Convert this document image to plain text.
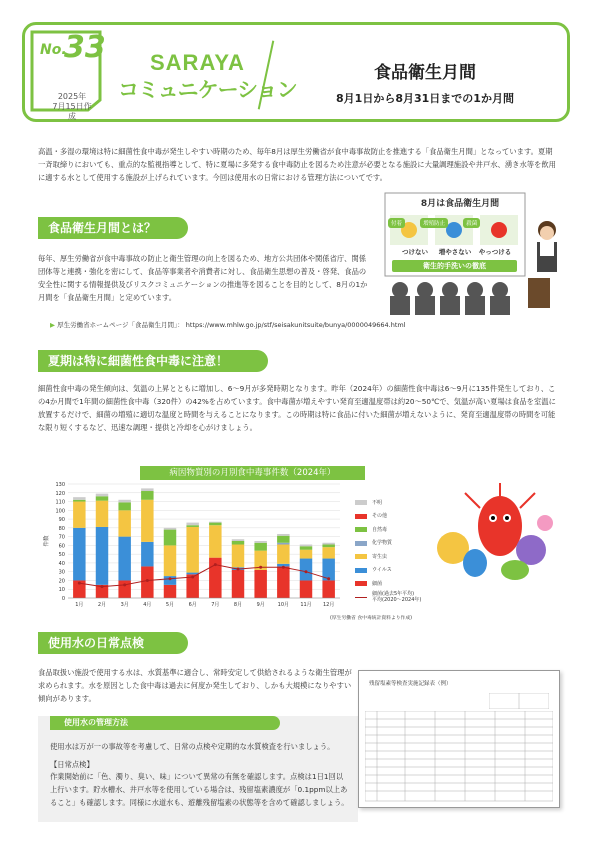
No.
33
2025年
7月15日作成
SARAYA
コミュニケーション
食品衛生月間
8月1日から8月31日までの1か月間
高温・多湿の環境は特に細菌性食中毒が発生しやすい時期のため、毎年8月は厚生労働省が食中毒事故防止を推進する「食品衛生月間」となっています。夏期一斉取締りにおいても、重点的な監視指導として、特に夏場に多発する食中毒防止を図るため注意が必要となる施設に大量調理施設や井戸水、湧き水等を飲用に適する水として使用する施設が上げられています。今回は使用水の日常における管理方法についてです。
食品衛生月間とは？
毎年、厚生労働省が食中毒事故の防止と衛生管理の向上を図るため、地方公共団体や関係省庁、関係団体等と連携・強化を密にして、食品等事業者や消費者に対し、食品衛生思想の普及・啓発、食品の安全性に関する情報提供及びリスクコミュニケーションの推進等を図ることを目的として、8月の1か月間を「食品衛生月間」と定めています。
▶ 厚生労働省ホームページ「食品衛生月間」： https://www.mhlw.go.jp/stf/seisakunitsuite/bunya/0000049664.html
8月は食品衛生月間
付着	増殖防止	殺菌
つけない 増やさない やっつける
衛生的手洗いの徹底
夏期は特に細菌性食中毒に注意！
細菌性食中毒の発生傾向は、気温の上昇とともに増加し、6～9月が多発時期となります。昨年（2024年）の細菌性食中毒は6～9月に135件発生しており、この4か月間で1年間の細菌性食中毒（320件）の42%を占めています。食中毒菌が増えやすい発育至適温度帯は約20～50℃で、気温が高い夏場は食品を室温に放置するだけで、細菌の増殖に適切な温度と時間を与えることになります。この時期は特に食品に付いた細菌が増えないように、発育至適温度帯の時間を可能な限り短くするなど、迅速な調理・提供と冷却を心がけましょう。
病因物質別の月別食中毒事件数（2024年）
0
10
20
30
40
50
60
70
80
90
100
110
120
130
件数
1月	2月	3月	4月	5月	6月	7月	8月	9月	10月 11月 12月
不明
その他
自然毒
化学物質
寄生虫
ウイルス
細菌
細菌(過去5年平均)
平均(2020～2024年)
(厚生労働省 食中毒統計資料より作成)
使用水の日常点検
食品取扱い施設で使用する水は、水質基準に適合し、常時安定して供給されるような衛生管理が求められます。水を原因とした食中毒は過去に何度か発生しており、しかも大規模になりやすい傾向があります。
使用水の管理方法
使用水は万が一の事故等を考慮して、日常の点検や定期的な水質検査を行いましょう。
【日常点検】
作業開始前に「色、濁り、臭い、味」について異常の有無を確認します。点検は1日1回以上行います。貯水槽水、井戸水等を使用している場合は、残留塩素濃度が「0.1ppm以上あること」も確認します。同様に水道水も、遊離残留塩素の状態等を含めて確認しましょう。
残留塩素等検査実施記録表（例）
